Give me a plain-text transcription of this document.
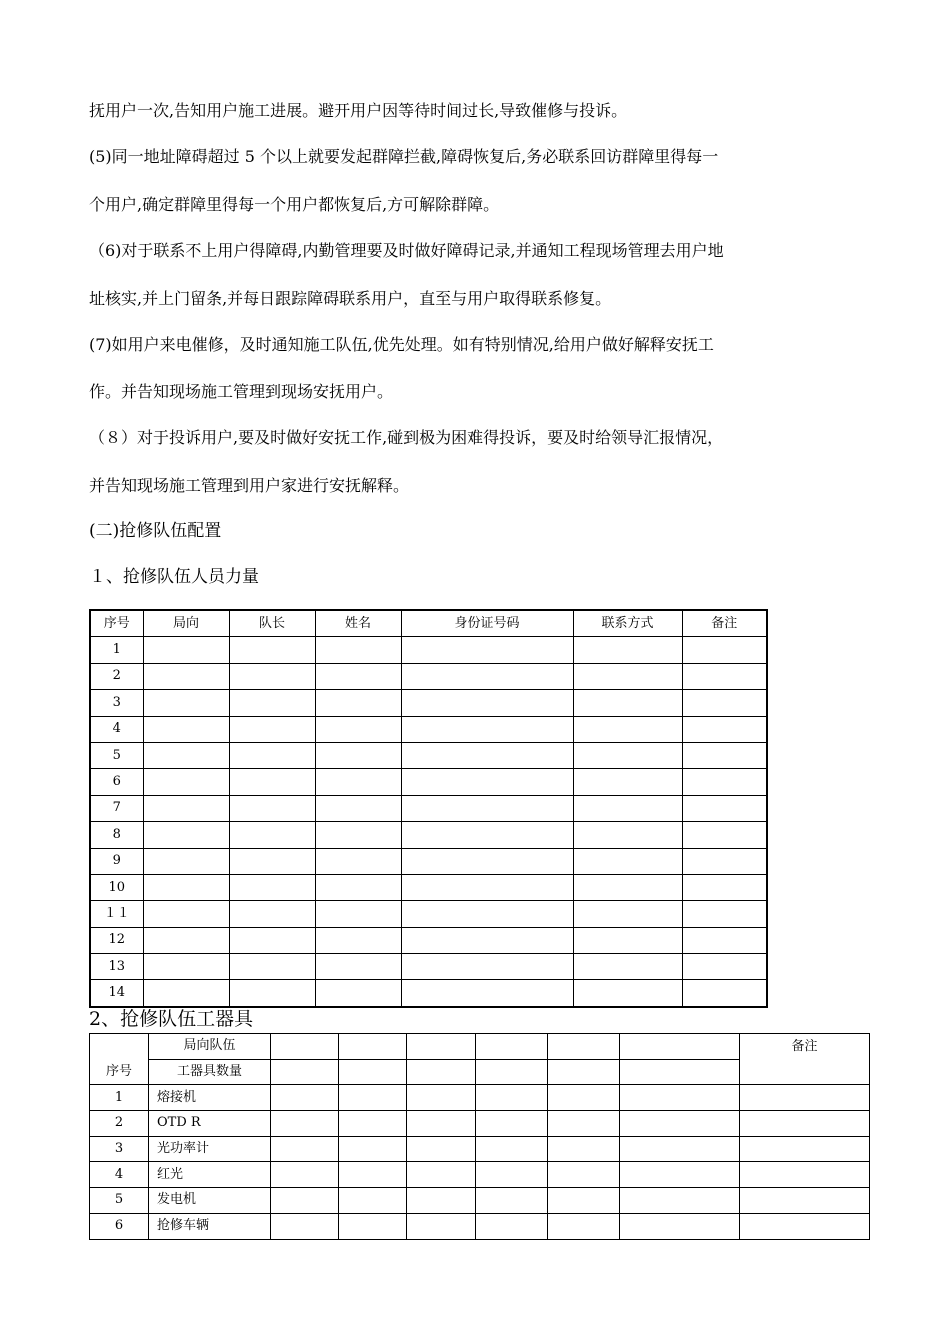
抚用户一次,告知用户施工进展。避开用户因等待时间过长,导致催修与投诉。
(5)同一地址障碍超过 5 个以上就要发起群障拦截,障碍恢复后,务必联系回访群障里得每一
个用户,确定群障里得每一个用户都恢复后,方可解除群障。
（6)对于联系不上用户得障碍,内勤管理要及时做好障碍记录,并通知工程现场管理去用户地
址核实,并上门留条,并每日跟踪障碍联系用户，直至与用户取得联系修复。
(7)如用户来电催修，及时通知施工队伍,优先处理。如有特别情况,给用户做好解释安抚工
作。并告知现场施工管理到现场安抚用户。
（８）对于投诉用户,要及时做好安抚工作,碰到极为困难得投诉，要及时给领导汇报情况，
并告知现场施工管理到用户家进行安抚解释。
(二)抢修队伍配置
１、抢修队伍人员力量
序号	局向	队长	姓名	身份证号码	联系方式	备注
1						
2						
3						
4						
5						
6						
7						
8						
9						
10						
１１						
12						
13						
14						
2、抢修队伍工器具
	局向队伍							备注
序号	工器具数量							
1	熔接机							
2	OTD R							
3	光功率计							
4	红光							
5	发电机							
6	抢修车辆							
